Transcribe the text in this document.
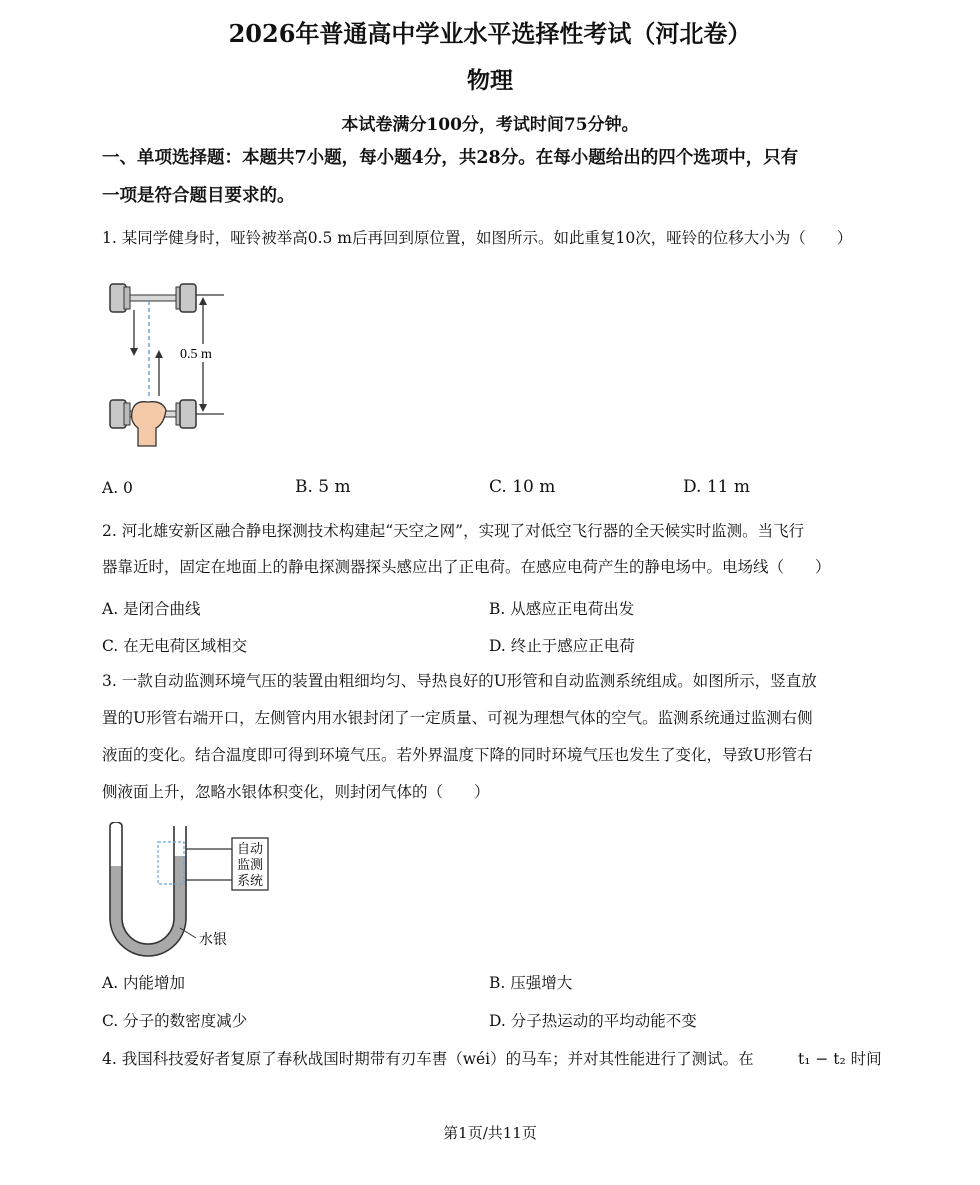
2026年普通高中学业水平选择性考试（河北卷）
物理
本试卷满分100分，考试时间75分钟。
一、单项选择题：本题共7小题，每小题4分，共28分。在每小题给出的四个选项中，只有
一项是符合题目要求的。
1. 某同学健身时，哑铃被举高0.5 m后再回到原位置，如图所示。如此重复10次，哑铃的位移大小为（　　）
0.5 m
A. 0	B. 5 m	C. 10 m	D. 11 m
2. 河北雄安新区融合静电探测技术构建起“天空之网”，实现了对低空飞行器的全天候实时监测。当飞行
器靠近时，固定在地面上的静电探测器探头感应出了正电荷。在感应电荷产生的静电场中。电场线（　　）
A. 是闭合曲线	B. 从感应正电荷出发
C. 在无电荷区域相交	D. 终止于感应正电荷
3. 一款自动监测环境气压的装置由粗细均匀、导热良好的U形管和自动监测系统组成。如图所示，竖直放
置的U形管右端开口，左侧管内用水银封闭了一定质量、可视为理想气体的空气。监测系统通过监测右侧
液面的变化。结合温度即可得到环境气压。若外界温度下降的同时环境气压也发生了变化，导致U形管右
侧液面上升，忽略水银体积变化，则封闭气体的（　　）
自动
监测
系统
水银
A. 内能增加	B. 压强增大
C. 分子的数密度减少	D. 分子热运动的平均动能不变
4. 我国科技爱好者复原了春秋战国时期带有刃车軎（wéi）的马车；并对其性能进行了测试。在	t₁ − t₂ 时间
第1页/共11页
